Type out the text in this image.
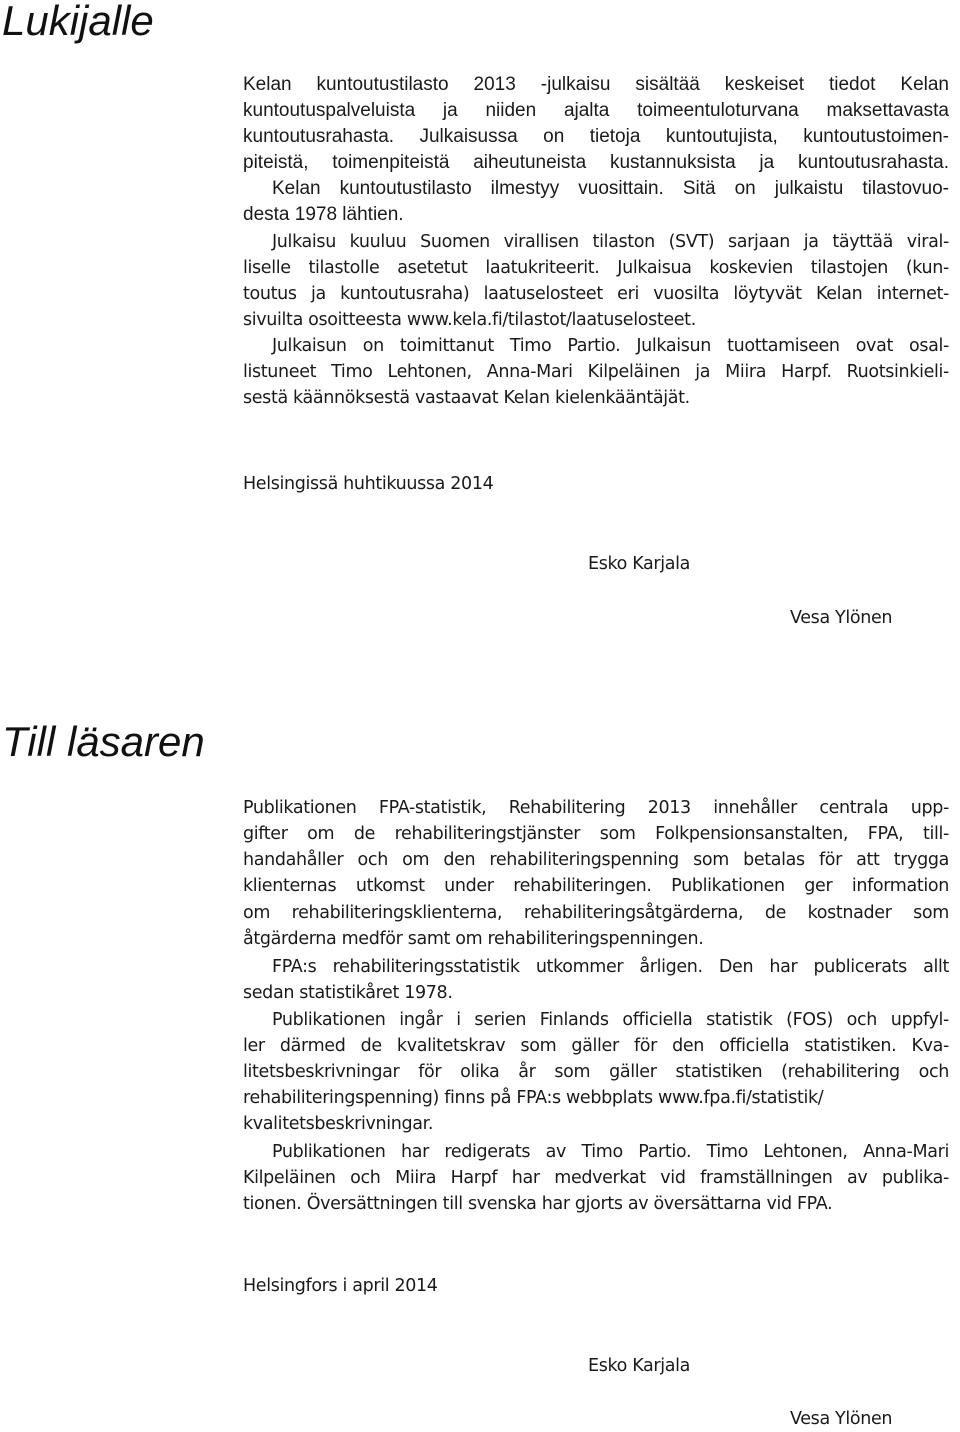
Lukijalle
Kelan kuntoutustilasto 2013 -julkaisu sisältää keskeiset tiedot Kelan
kuntoutuspalveluista ja niiden ajalta toimeentuloturvana maksettavasta
kuntoutusrahasta. Julkaisussa on tietoja kuntoutujista, kuntoutustoimen-
piteistä, toimenpiteistä aiheutuneista kustannuksista ja kuntoutusrahasta.
Kelan kuntoutustilasto ilmestyy vuosittain. Sitä on julkaistu tilastovuo-
desta 1978 lähtien.
Julkaisu kuuluu Suomen virallisen tilaston (SVT) sarjaan ja täyttää viral-
liselle tilastolle asetetut laatukriteerit. Julkaisua koskevien tilastojen (kun-
toutus ja kuntoutusraha) laatuselosteet eri vuosilta löytyvät Kelan internet-
sivuilta osoitteesta www.kela.fi/tilastot/laatuselosteet.
Julkaisun on toimittanut Timo Partio. Julkaisun tuottamiseen ovat osal-
listuneet Timo Lehtonen, Anna-Mari Kilpeläinen ja Miira Harpf. Ruotsinkieli-
sestä käännöksestä vastaavat Kelan kielenkääntäjät.
Helsingissä huhtikuussa 2014
Esko Karjala
Vesa Ylönen
Till läsaren
Publikationen FPA-statistik, Rehabilitering 2013 innehåller centrala upp-
gifter om de rehabiliteringstjänster som Folkpensionsanstalten, FPA, till-
handahåller och om den rehabiliteringspenning som betalas för att trygga
klienternas utkomst under rehabiliteringen. Publikationen ger information
om rehabiliteringsklienterna, rehabiliteringsåtgärderna, de kostnader som
åtgärderna medför samt om rehabiliteringspenningen.
FPA:s rehabiliteringsstatistik utkommer årligen. Den har publicerats allt
sedan statistikåret 1978.
Publikationen ingår i serien Finlands officiella statistik (FOS) och uppfyl-
ler därmed de kvalitetskrav som gäller för den officiella statistiken. Kva-
litetsbeskrivningar för olika år som gäller statistiken (rehabilitering och
rehabiliteringspenning) finns på FPA:s webbplats www.fpa.fi/statistik/
kvalitetsbeskrivningar.
Publikationen har redigerats av Timo Partio. Timo Lehtonen, Anna-Mari
Kilpeläinen och Miira Harpf har medverkat vid framställningen av publika-
tionen. Översättningen till svenska har gjorts av översättarna vid FPA.
Helsingfors i april 2014
Esko Karjala
Vesa Ylönen
